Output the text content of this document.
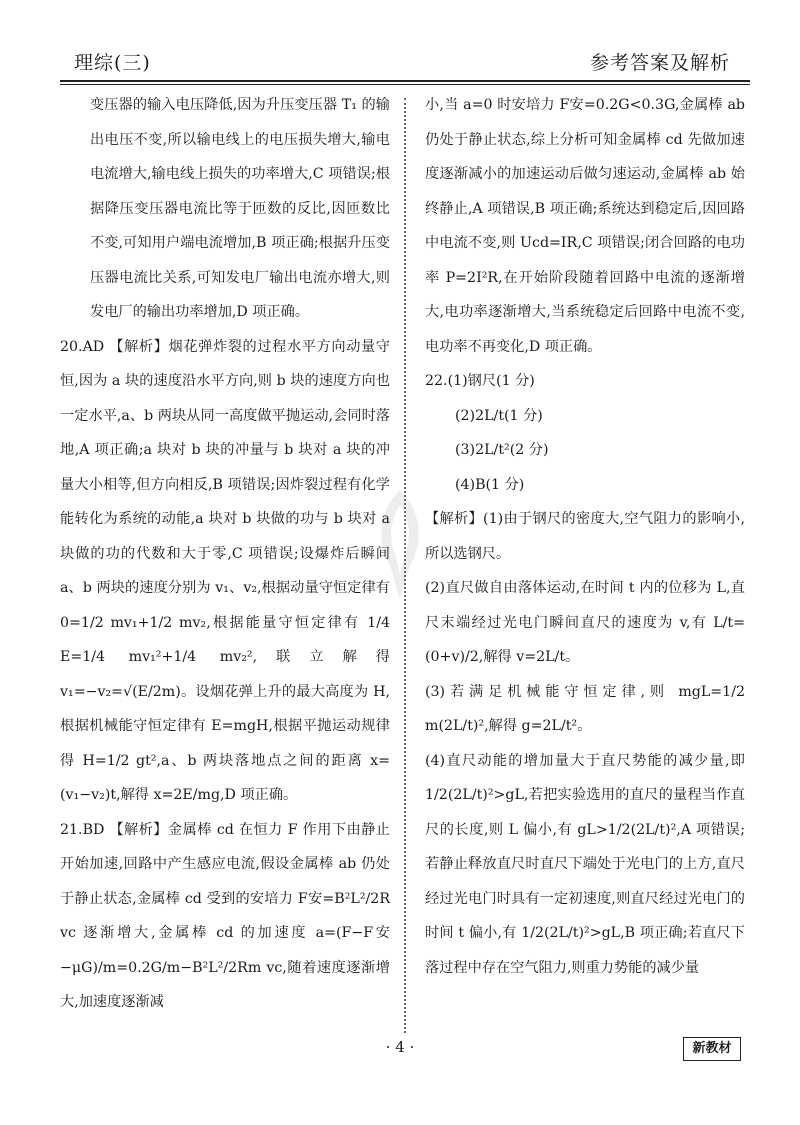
理综(三)	参考答案及解析

变压器的输入电压降低,因为升压变压器 T₁ 的输出电压不变,所以输电线上的电压损失增大,输电电流增大,输电线上损失的功率增大,C 项错误;根据降压变压器电流比等于匝数的反比,因匝数比不变,可知用户端电流增加,B 项正确;根据升压变压器电流比关系,可知发电厂输出电流亦增大,则发电厂的输出功率增加,D 项正确。

20.AD 【解析】烟花弹炸裂的过程水平方向动量守恒,因为 a 块的速度沿水平方向,则 b 块的速度方向也一定水平,a、b 两块从同一高度做平抛运动,会同时落地,A 项正确;a 块对 b 块的冲量与 b 块对 a 块的冲量大小相等,但方向相反,B 项错误;因炸裂过程有化学能转化为系统的动能,a 块对 b 块做的功与 b 块对 a 块做的功的代数和大于零,C 项错误;设爆炸后瞬间 a、b 两块的速度分别为 v₁、v₂,根据动量守恒定律有 0=1/2 mv₁+1/2 mv₂,根据能量守恒定律有 1/4 E=1/4 mv₁²+1/4 mv₂²,联立解得 v₁=−v₂=√(E/2m)。设烟花弹上升的最大高度为 H,根据机械能守恒定律有 E=mgH,根据平抛运动规律得 H=1/2 gt²,a、b 两块落地点之间的距离 x=(v₁−v₂)t,解得 x=2E/mg,D 项正确。

21.BD 【解析】金属棒 cd 在恒力 F 作用下由静止开始加速,回路中产生感应电流,假设金属棒 ab 仍处于静止状态,金属棒 cd 受到的安培力 F安=B²L²/2R vc 逐渐增大,金属棒 cd 的加速度 a=(F−F安−μG)/m=0.2G/m−B²L²/2Rm vc,随着速度逐渐增大,加速度逐渐减

小,当 a=0 时安培力 F安=0.2G<0.3G,金属棒 ab 仍处于静止状态,综上分析可知金属棒 cd 先做加速度逐渐减小的加速运动后做匀速运动,金属棒 ab 始终静止,A 项错误,B 项正确;系统达到稳定后,因回路中电流不变,则 Ucd=IR,C 项错误;闭合回路的电功率 P=2I²R,在开始阶段随着回路中电流的逐渐增大,电功率逐渐增大,当系统稳定后回路中电流不变,电功率不再变化,D 项正确。

22.(1)钢尺(1 分)

(2)2L/t(1 分)

(3)2L/t²(2 分)

(4)B(1 分)

【解析】(1)由于钢尺的密度大,空气阻力的影响小,所以选钢尺。

(2)直尺做自由落体运动,在时间 t 内的位移为 L,直尺末端经过光电门瞬间直尺的速度为 v,有 L/t=(0+v)/2,解得 v=2L/t。

(3)若满足机械能守恒定律,则 mgL=1/2 m(2L/t)²,解得 g=2L/t²。

(4)直尺动能的增加量大于直尺势能的减少量,即 1/2(2L/t)²>gL,若把实验选用的直尺的量程当作直尺的长度,则 L 偏小,有 gL>1/2(2L/t)²,A 项错误;若静止释放直尺时直尺下端处于光电门的上方,直尺经过光电门时具有一定初速度,则直尺经过光电门的时间 t 偏小,有 1/2(2L/t)²>gL,B 项正确;若直尺下落过程中存在空气阻力,则重力势能的减少量

· 4 ·	新教材
